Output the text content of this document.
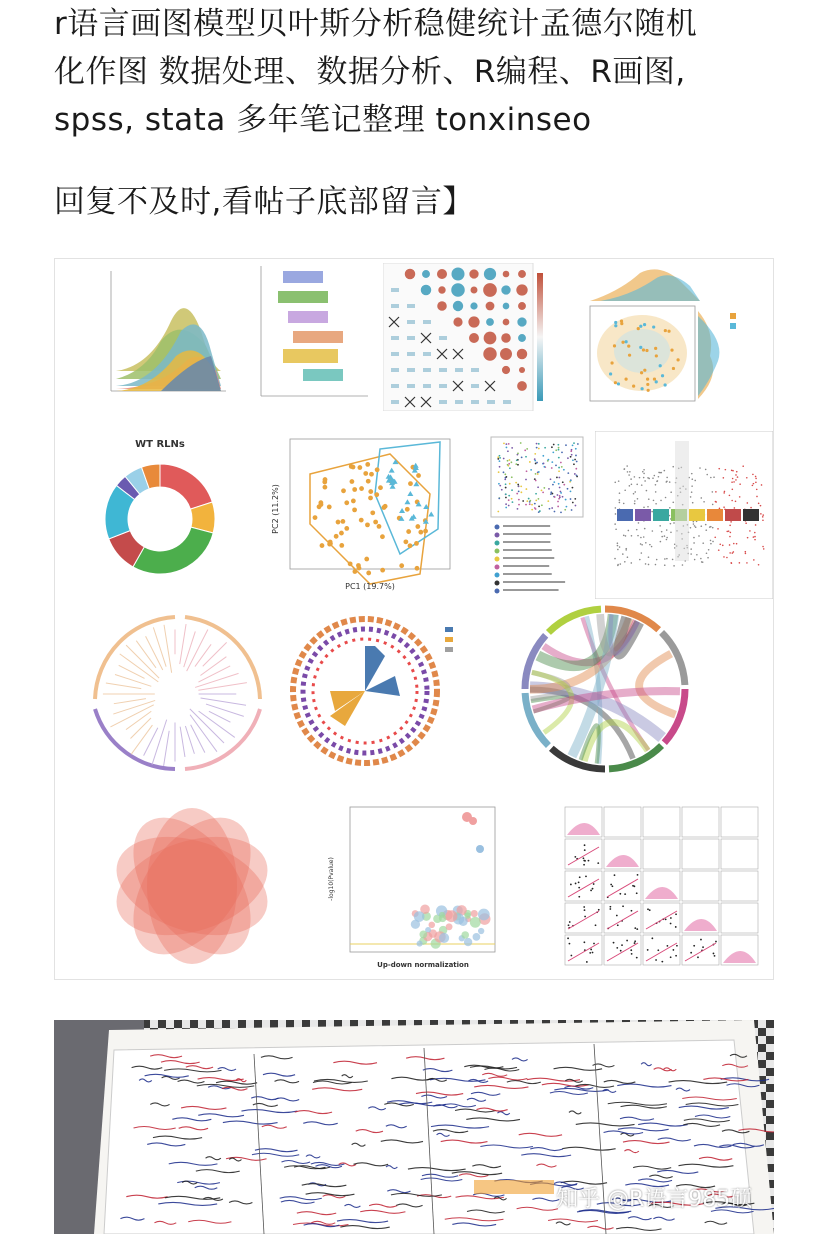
r语言画图模型贝叶斯分析稳健统计孟德尔随机

化作图 数据处理、数据分析、R编程、R画图,

spss, stata 多年笔记整理 tonxinseo

回复不及时,看帖子底部留言】

WT RLNs
PC1 (19.7%)
PC2 (11.2%)
Up-down normalization
-log10(Pvalue)
知乎 @R语言985硕
